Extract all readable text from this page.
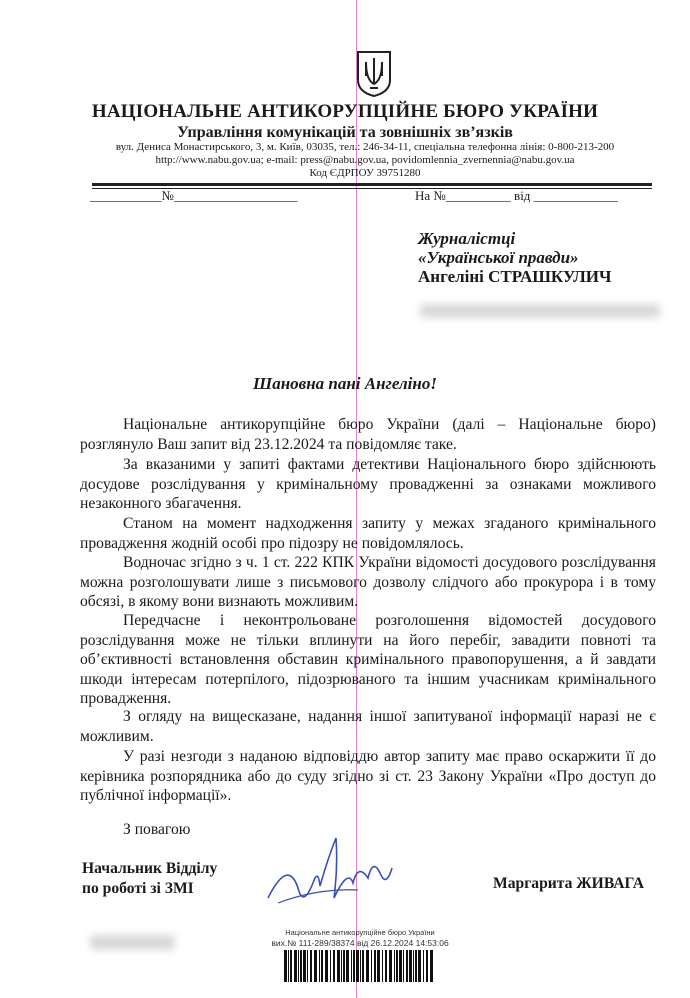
НАЦІОНАЛЬНЕ АНТИКОРУПЦІЙНЕ БЮРО УКРАЇНИ
Управління комунікацій та зовнішніх зв’язків
вул. Дениса Монастирського, 3, м. Київ, 03035, тел.: 246-34-11, спеціальна телефонна лінія: 0-800-213-200
http://www.nabu.gov.ua; e-mail: press@nabu.gov.ua, povidomlennia_zvernennia@nabu.gov.ua
Код ЄДРПОУ 39751280
___________№___________________	На №__________ від _____________
Журналістці
«Української правди»
Ангеліні СТРАШКУЛИЧ
Шановна пані Ангеліно!
Національне антикорупційне бюро України (далі – Національне бюро) розглянуло Ваш запит від 23.12.2024 та повідомляє таке.
За вказаними у запиті фактами детективи Національного бюро здійснюють досудове розслідування у кримінальному провадженні за ознаками можливого незаконного збагачення.
Станом на момент надходження запиту у межах згаданого кримінального провадження жодній особі про підозру не повідомлялось.
Водночас згідно з ч. 1 ст. 222 КПК України відомості досудового розслідування можна розголошувати лише з письмового дозволу слідчого або прокурора і в тому обсязі, в якому вони визнають можливим.
Передчасне і неконтрольоване розголошення відомостей досудового розслідування може не тільки вплинути на його перебіг, завадити повноті та об’єктивності встановлення обставин кримінального правопорушення, а й завдати шкоди інтересам потерпілого, підозрюваного та іншим учасникам кримінального провадження.
З огляду на вищесказане, надання іншої запитуваної інформації наразі не є можливим.
У разі незгоди з наданою відповіддю автор запиту має право оскаржити її до керівника розпорядника або до суду згідно зі ст. 23 Закону України «Про доступ до публічної інформації».
З повагою
Начальник Відділу
по роботі зі ЗМІ	Маргарита ЖИВАГА
Національне антикорупційне бюро України
вих.№ 111-289/38374 від 26.12.2024 14:53:06
